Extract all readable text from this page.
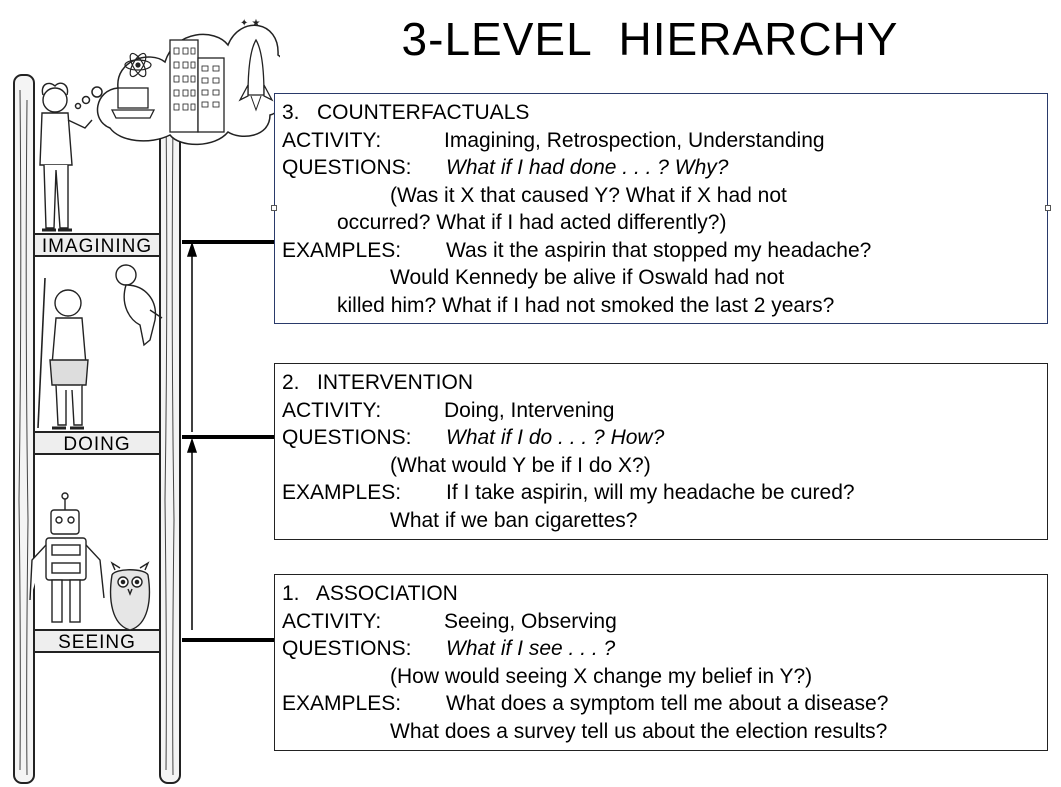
IMAGINING
DOING
SEEING
✦ ★	3-LEVEL  HIERARCHY
3.   COUNTERFACTUALS
ACTIVITY:	Imagining, Retrospection, Understanding
QUESTIONS: What if I had done . . . ? Why?
(Was it X that caused Y? What if X had not
occurred? What if I had acted differently?)
EXAMPLES: Was it the aspirin that stopped my headache?
Would Kennedy be alive if Oswald had not
killed him? What if I had not smoked the last 2 years?
2.   INTERVENTION
ACTIVITY:	Doing, Intervening
QUESTIONS: What if I do . . . ? How?
(What would Y be if I do X?)
EXAMPLES: If I take aspirin, will my headache be cured?
What if we ban cigarettes?
1.   ASSOCIATION
ACTIVITY:	Seeing, Observing
QUESTIONS: What if I see . . . ?
(How would seeing X change my belief in Y?)
EXAMPLES: What does a symptom tell me about a disease?
What does a survey tell us about the election results?
